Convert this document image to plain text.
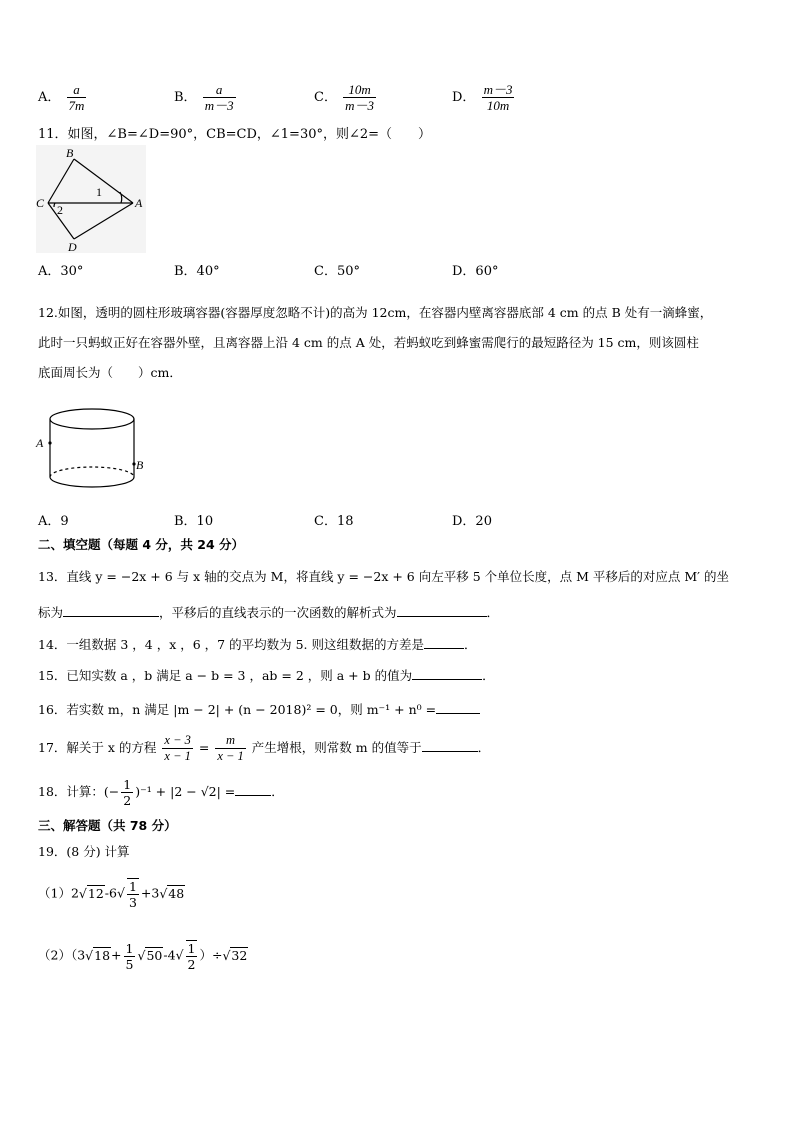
A． $\frac{a}{7m}$	B． $\frac{a}{m-3}$	C． $\frac{10m}{m-3}$	D． $\frac{m-3}{10m}$
11．如图，∠B=∠D=90°，CB=CD，∠1=30°，则∠2=（　　）
B
C	A
D
1
2
A．30°	B．40°	C．50°	D．60°
12.如图，透明的圆柱形玻璃容器(容器厚度忽略不计)的高为 12cm，在容器内壁离容器底部 4 cm 的点 B 处有一滴蜂蜜，
此时一只蚂蚁正好在容器外壁，且离容器上沿 4 cm 的点 A 处，若蚂蚁吃到蜂蜜需爬行的最短路径为 15 cm，则该圆柱
底面周长为（　　）cm．
A
B
A．9	B．10	C．18	D．20
二、填空题（每题 4 分，共 24 分）
13．直线 y = −2x + 6 与 x 轴的交点为 M，将直线 y = −2x + 6 向左平移 5 个单位长度，点 M 平移后的对应点 M′ 的坐
标为	，平移后的直线表示的一次函数的解析式为	．
14．一组数据 3 ，4 ，x ，6 ，7 的平均数为 5. 则这组数据的方差是	．
15．已知实数 a ，b 满足 a − b = 3 ，ab = 2 ，则 a + b 的值为	．
16．若实数 m，n 满足 |m − 2| + (n − 2018)² = 0，则 m⁻¹ + n⁰ =
17．解关于 x 的方程 $\frac{x - 3}{x - 1} = \frac{m}{x - 1}$ 产生增根，则常数 m 的值等于	．
18．计算：(− $\frac{1}{2} )^{-1} + |2 - √2|$ =	．
三、解答题（共 78 分）
19．(8 分) 计算
$(1)2√12-6√ \frac{1}{3} +3√48$
$(2)(3√18+ \frac{1}{5} √50-4√ \frac{1}{2} )\div√32$
